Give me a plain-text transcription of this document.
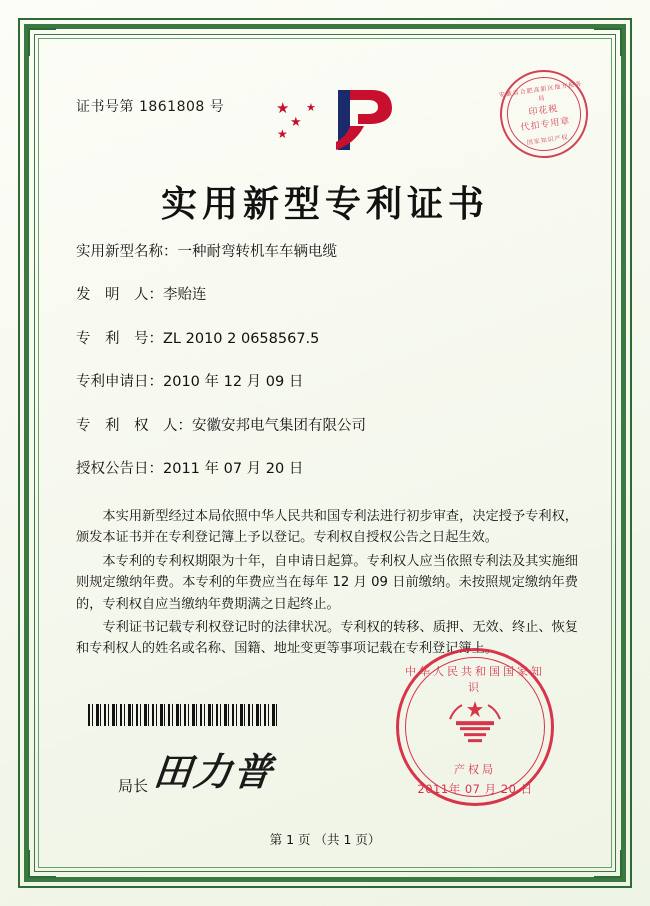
证书号第 1861808 号	★
★
★
★
安徽省合肥高新区地方税务局
印花税
代扣专用章
国家知识产权
实用新型专利证书
实用新型名称：一种耐弯转机车车辆电缆
发　明　人：李贻连
专　利　号：ZL 2010 2 0658567.5
专利申请日：2010 年 12 月 09 日
专　利　权　人：安徽安邦电气集团有限公司
授权公告日：2011 年 07 月 20 日

本实用新型经过本局依照中华人民共和国专利法进行初步审查，决定授予专利权，颁发本证书并在专利登记簿上予以登记。专利权自授权公告之日起生效。

本专利的专利权期限为十年，自申请日起算。专利权人应当依照专利法及其实施细则规定缴纳年费。本专利的年费应当在每年 12 月 09 日前缴纳。未按照规定缴纳年费的，专利权自应当缴纳年费期满之日起终止。

专利证书记载专利权登记时的法律状况。专利权的转移、质押、无效、终止、恢复和专利权人的姓名或名称、国籍、地址变更等事项记载在专利登记簿上。

局长田力普
中华人民共和国国家知识
产权局
2011年 07 月 20 日
第 1 页 （共 1 页）
